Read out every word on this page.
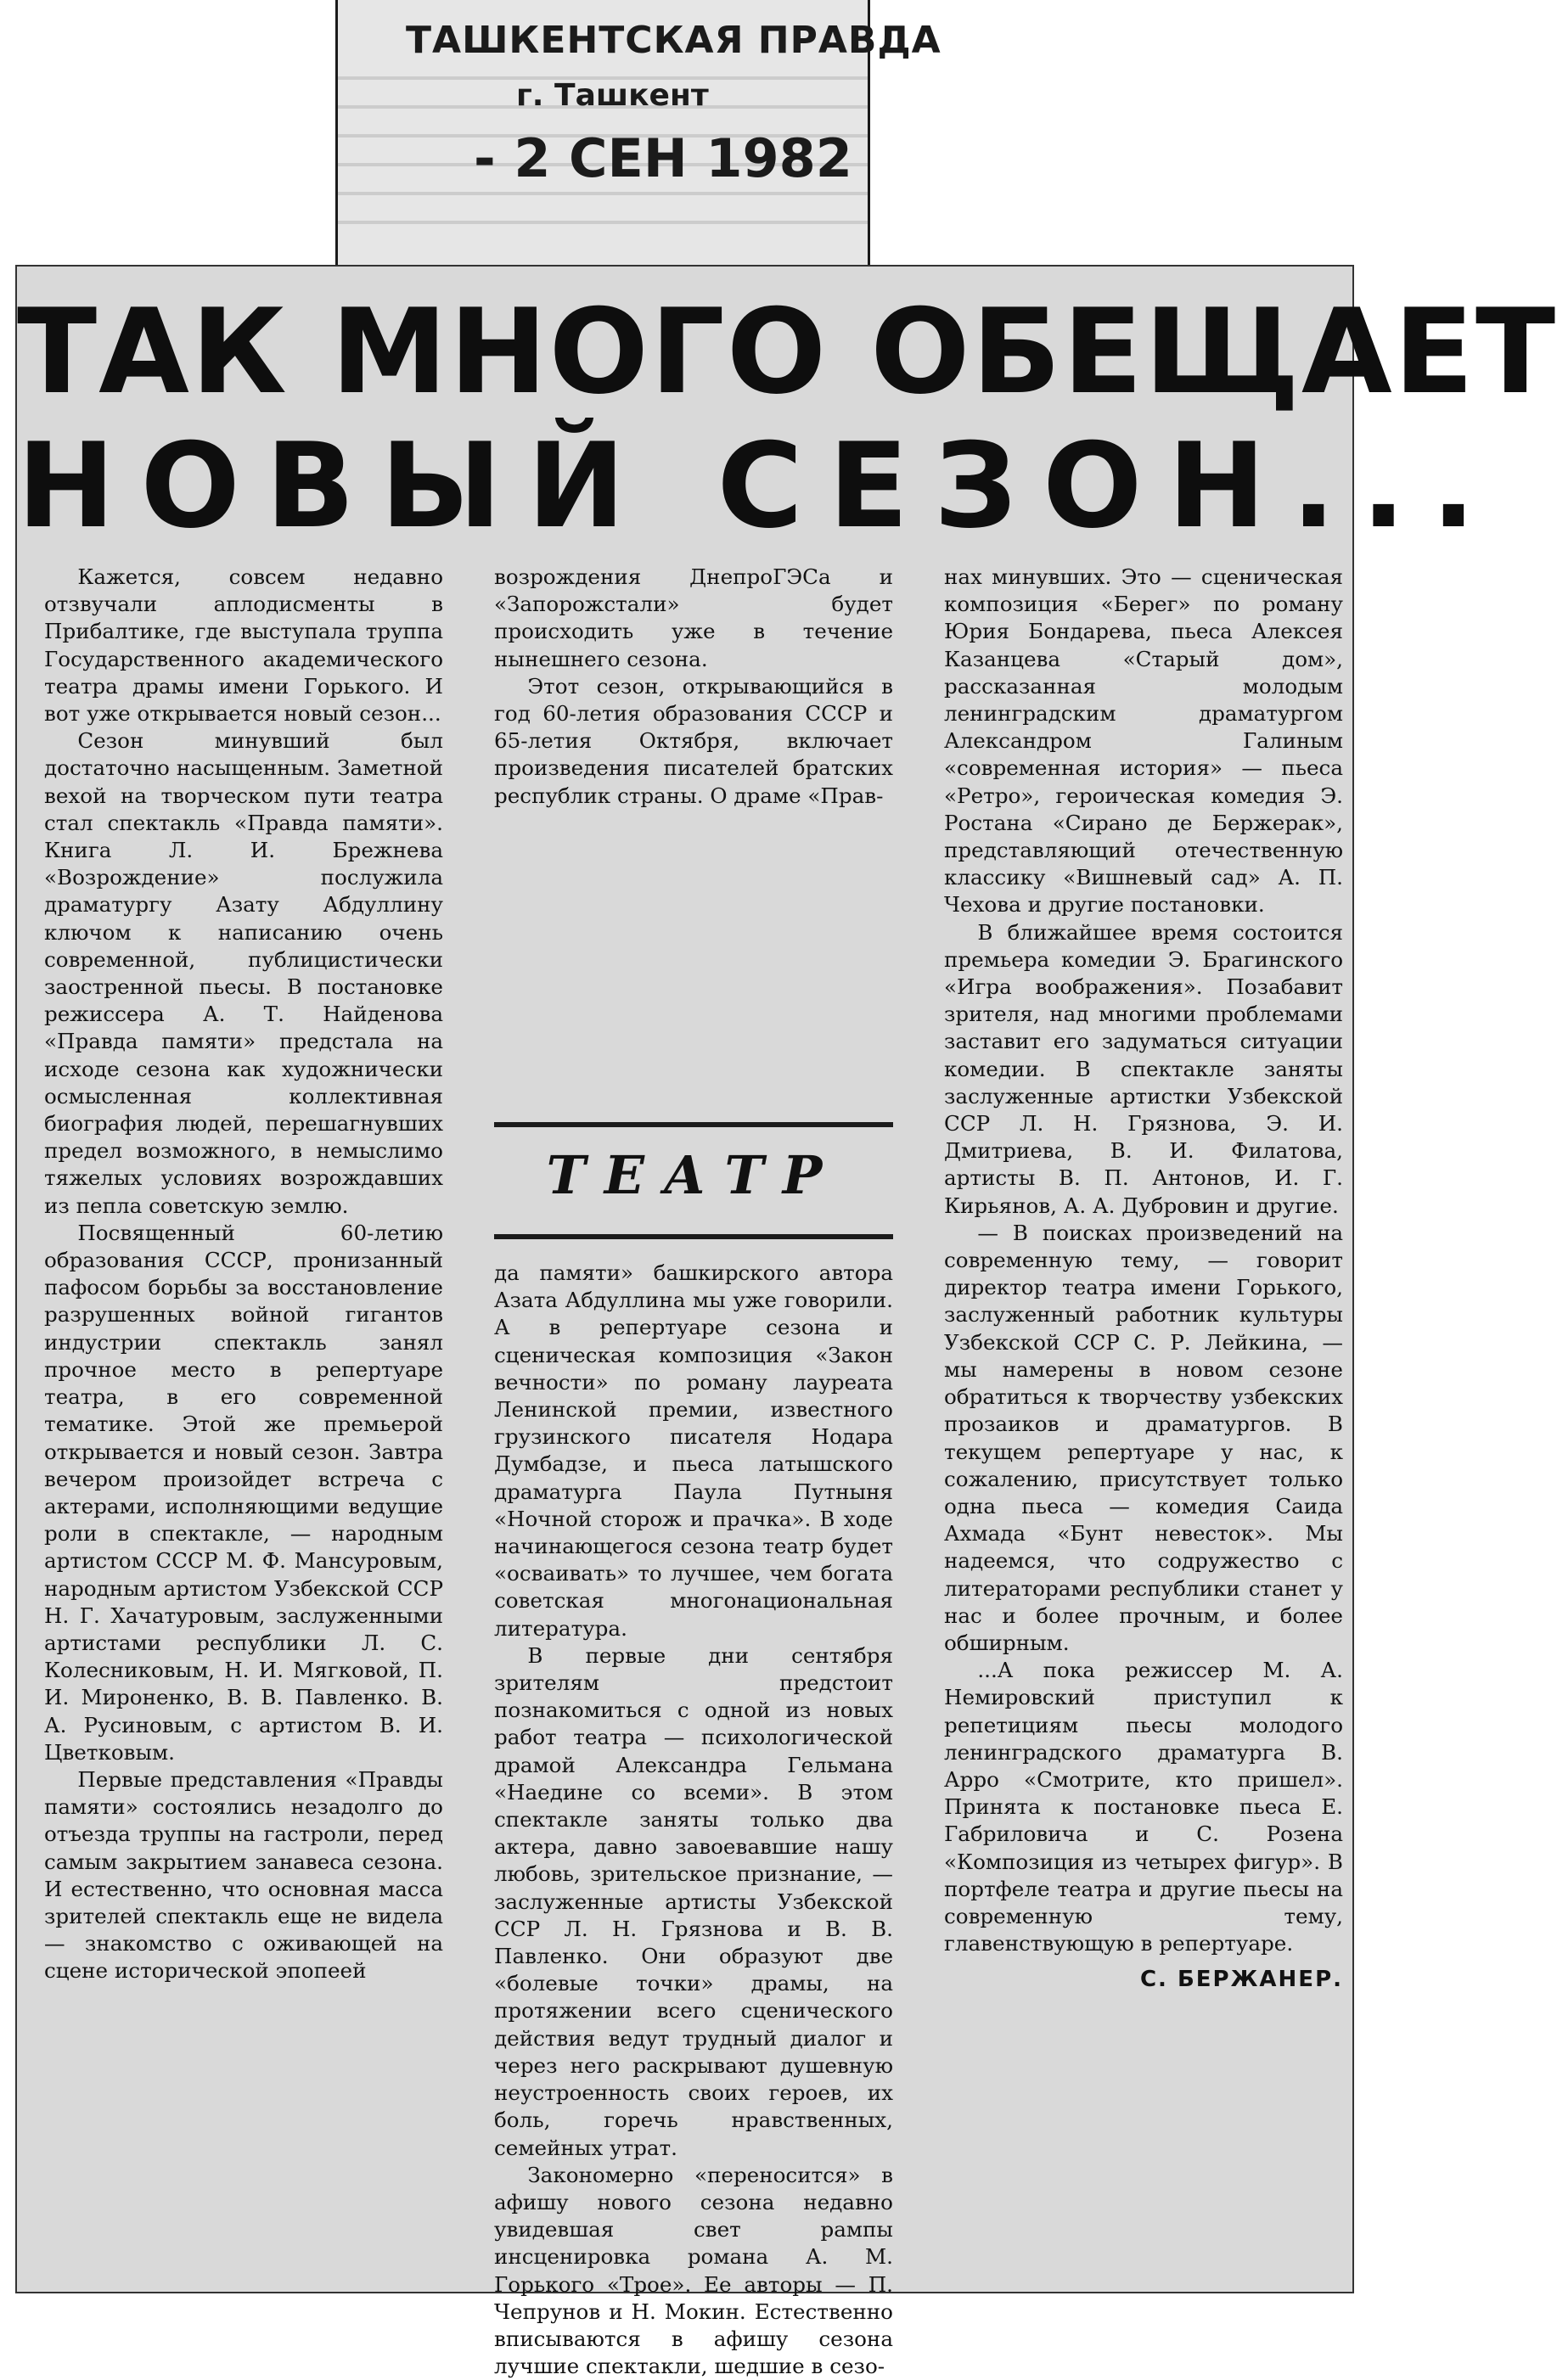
ТАШКЕНТСКАЯ ПРАВДА
г. Ташкент
- 2 СЕН 1982
ТАК МНОГО ОБЕЩАЕТ
НОВЫЙ СЕЗОН...

Кажется, совсем недавно отзвучали аплодисменты в Прибалтике, где выступала труппа Государственного академического театра драмы имени Горького. И вот уже открывается новый сезон...

Сезон минувший был достаточно насыщенным. Заметной вехой на творческом пути театра стал спектакль «Правда памяти». Книга Л. И. Брежнева «Возрождение» послужила драматургу Азату Абдуллину ключом к написанию очень современной, публицистически заостренной пьесы. В постановке режиссера А. Т. Найденова «Правда памяти» предстала на исходе сезона как художнически осмысленная коллективная биография людей, перешагнувших предел возможного, в немыслимо тяжелых условиях возрождавших из пепла советскую землю.

Посвященный 60-летию образования СССР, пронизанный пафосом борьбы за восстановление разрушенных войной гигантов индустрии спектакль занял прочное место в репертуаре театра, в его современной тематике. Этой же премьерой открывается и новый сезон. Завтра вечером произойдет встреча с актерами, исполняющими ведущие роли в спектакле, — народным артистом СССР М. Ф. Мансуровым, народным артистом Узбекской ССР Н. Г. Хачатуровым, заслуженными артистами республики Л. С. Колесниковым, Н. И. Мягковой, П. И. Мироненко, В. В. Павленко. В. А. Русиновым, с артистом В. И. Цветковым.

Первые представления «Правды памяти» состоялись незадолго до отъезда труппы на гастроли, перед самым закрытием занавеса сезона. И естественно, что основная масса зрителей спектакль еще не видела — знакомство с оживающей на сцене исторической эпопеей

возрождения ДнепроГЭСа и «Запорожстали» будет происходить уже в течение нынешнего сезона.

Этот сезон, открывающийся в год 60-летия образования СССР и 65-летия Октября, включает произведения писателей братских республик страны. О драме «Прав-

ТЕАТР

да памяти» башкирского автора Азата Абдуллина мы уже говорили. А в репертуаре сезона и сценическая композиция «Закон вечности» по роману лауреата Ленинской премии, известного грузинского писателя Нодара Думбадзе, и пьеса латышского драматурга Паула Путныня «Ночной сторож и прачка». В ходе начинающегося сезона театр будет «осваивать» то лучшее, чем богата советская многонациональная литература.

В первые дни сентября зрителям предстоит познакомиться с одной из новых работ театра — психологической драмой Александра Гельмана «Наедине со всеми». В этом спектакле заняты только два актера, давно завоевавшие нашу любовь, зрительское признание, — заслуженные артисты Узбекской ССР Л. Н. Грязнова и В. В. Павленко. Они образуют две «болевые точки» драмы, на протяжении всего сценического действия ведут трудный диалог и через него раскрывают душевную неустроенность своих героев, их боль, горечь нравственных, семейных утрат.

Закономерно «переносится» в афишу нового сезона недавно увидевшая свет рампы инсценировка романа А. М. Горького «Трое». Ее авторы — П. Чепрунов и Н. Мокин. Естественно вписываются в афишу сезона лучшие спектакли, шедшие в сезо-

нах минувших. Это — сценическая композиция «Берег» по роману Юрия Бондарева, пьеса Алексея Казанцева «Старый дом», рассказанная молодым ленинградским драматургом Александром Галиным «современная история» — пьеса «Ретро», героическая комедия Э. Ростана «Сирано де Бержерак», представляющий отечественную классику «Вишневый сад» А. П. Чехова и другие постановки.

В ближайшее время состоится премьера комедии Э. Брагинского «Игра воображения». Позабавит зрителя, над многими проблемами заставит его задуматься ситуации комедии. В спектакле заняты заслуженные артистки Узбекской ССР Л. Н. Грязнова, Э. И. Дмитриева, В. И. Филатова, артисты В. П. Антонов, И. Г. Кирьянов, А. А. Дубровин и другие.

— В поисках произведений на современную тему, — говорит директор театра имени Горького, заслуженный работник культуры Узбекской ССР С. Р. Лейкина, — мы намерены в новом сезоне обратиться к творчеству узбекских прозаиков и драматургов. В текущем репертуаре у нас, к сожалению, присутствует только одна пьеса — комедия Саида Ахмада «Бунт невесток». Мы надеемся, что содружество с литераторами республики станет у нас и более прочным, и более обширным.

...А пока режиссер М. А. Немировский приступил к репетициям пьесы молодого ленинградского драматурга В. Арро «Смотрите, кто пришел». Принята к постановке пьеса Е. Габриловича и С. Розена «Композиция из четырех фигур». В портфеле театра и другие пьесы на современную тему, главенствующую в репертуаре.

С. БЕРЖАНЕР.
